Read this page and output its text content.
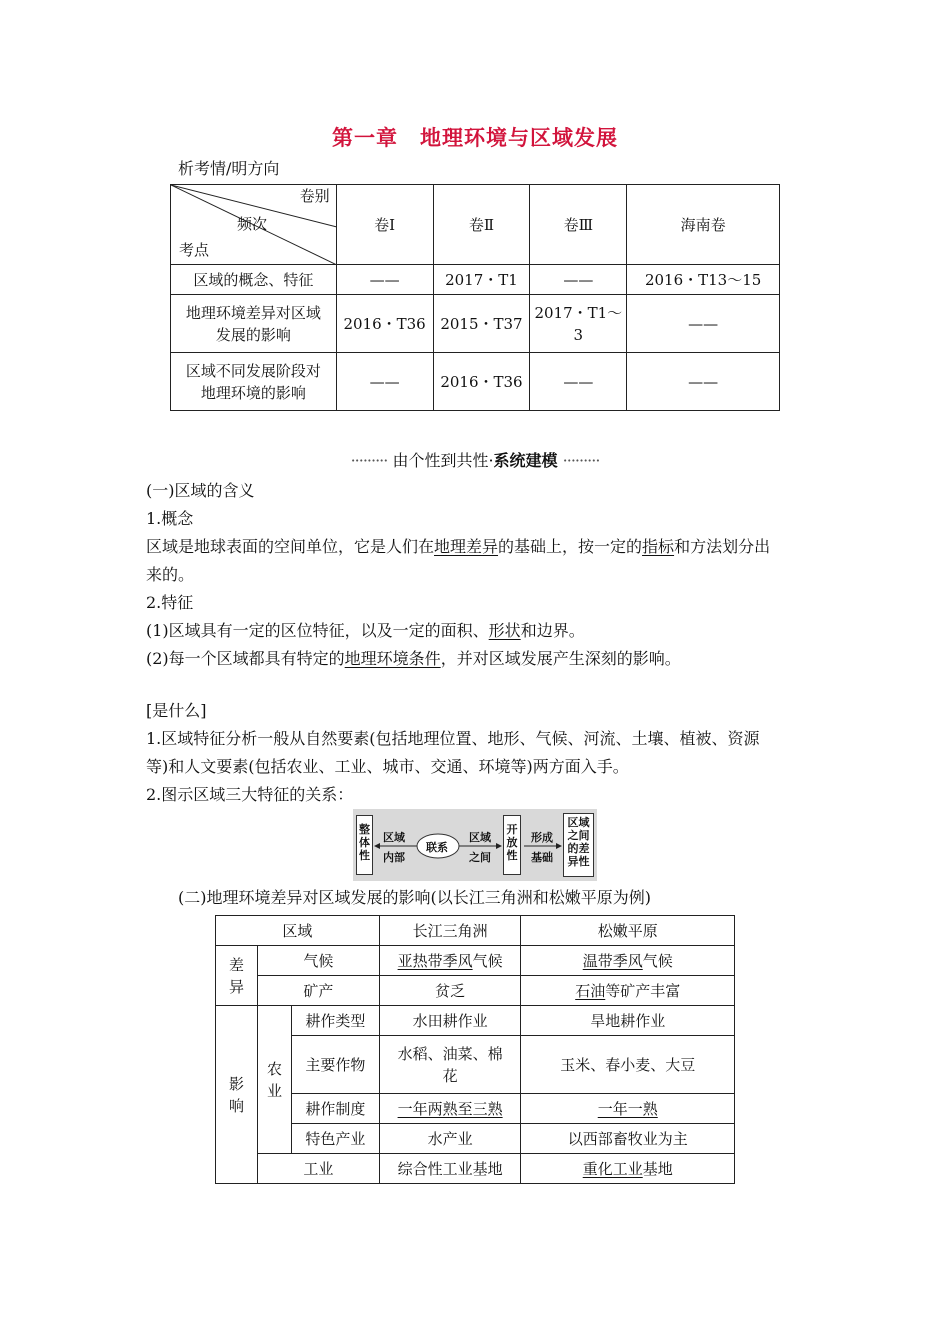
第一章　地理环境与区域发展
析考情/明方向
卷别
频次
考点	卷Ⅰ	卷Ⅱ	卷Ⅲ	海南卷
区域的概念、特征	——	2017・T1	——	2016・T13～15
地理环境差异对区域发展的影响	2016・T36	2015・T37	2017・T1～3	——
区域不同发展阶段对地理环境的影响	——	2016・T36	——	——
········· 由个性到共性·系统建模 ·········
(一)区域的含义
1.概念
区域是地球表面的空间单位，它是人们在地理差异的基础上，按一定的指标和方法划分出
来的。
2.特征
(1)区域具有一定的区位特征，以及一定的面积、形状和边界。
(2)每一个区域都具有特定的地理环境条件，并对区域发展产生深刻的影响。
[是什么]
1.区域特征分析一般从自然要素(包括地理位置、地形、气候、河流、土壤、植被、资源
等)和人文要素(包括农业、工业、城市、交通、环境等)两方面入手。
2.图示区域三大特征的关系：
整体性
区域
内部
联系
区域
之间
开放性
形成
基础
区域之间的差异性
(二)地理环境差异对区域发展的影响(以长江三角洲和松嫩平原为例)
区域			长江三角洲	松嫩平原
差异	气候		亚热带季风气候	温带季风气候
	矿产		贫乏	石油等矿产丰富
影响	农业	耕作类型	水田耕作业	旱地耕作业
		主要作物	水稻、油菜、棉花	玉米、春小麦、大豆
		耕作制度	一年两熟至三熟	一年一熟
		特色产业	水产业	以西部畜牧业为主
	工业		综合性工业基地	重化工业基地
